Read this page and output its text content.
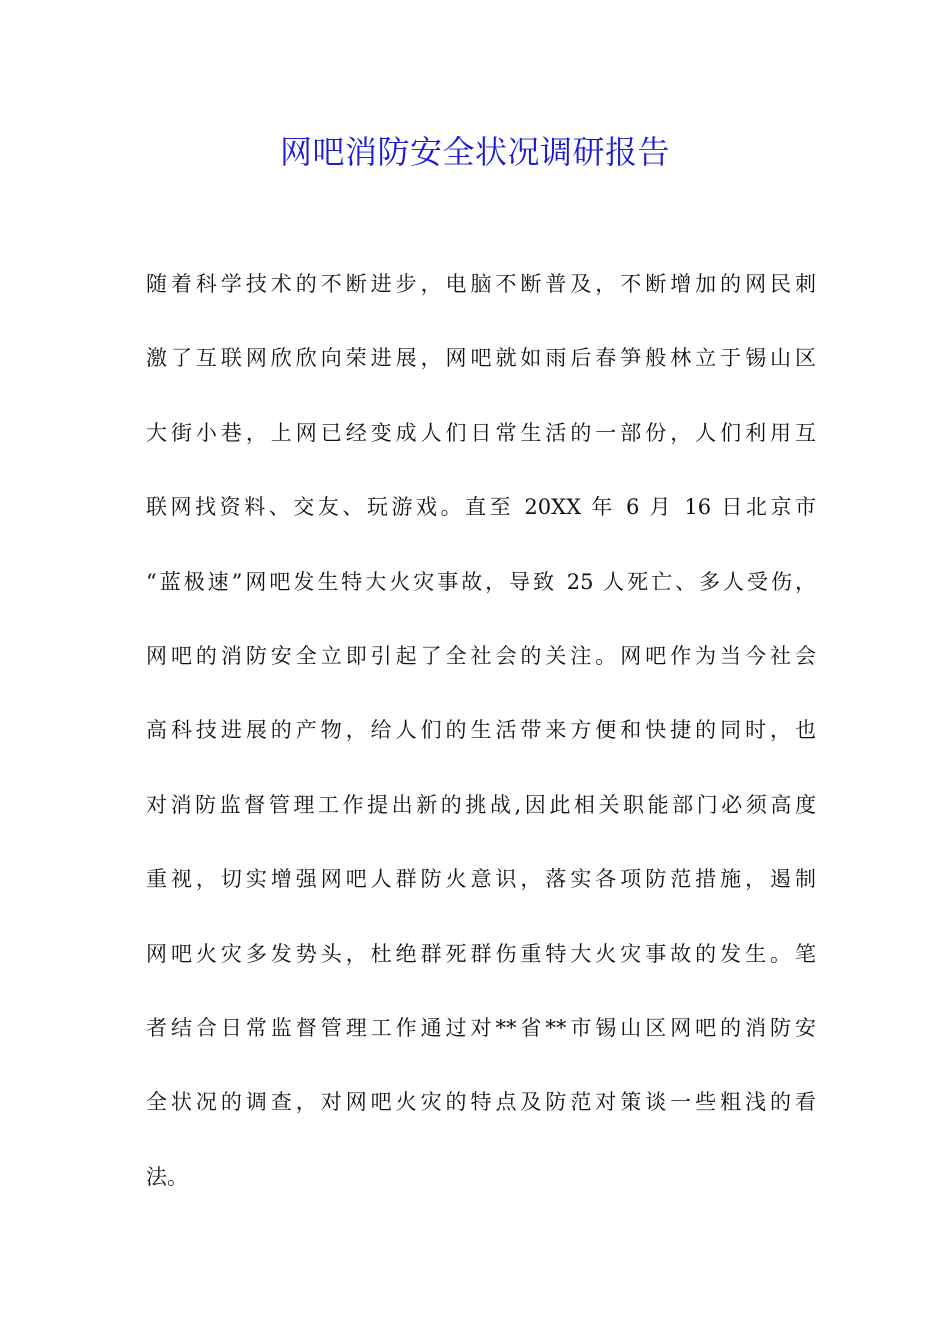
网吧消防安全状况调研报告
随着科学技术的不断进步，电脑不断普及，不断增加的网民刺
激了互联网欣欣向荣进展，网吧就如雨后春笋般林立于锡山区
大街小巷，上网已经变成人们日常生活的一部份，人们利用互
联网找资料、交友、玩游戏。直至 20XX 年 6 月 16 日北京市
“蓝极速”网吧发生特大火灾事故，导致 25 人死亡、多人受伤，
网吧的消防安全立即引起了全社会的关注。网吧作为当今社会
高科技进展的产物，给人们的生活带来方便和快捷的同时，也
对消防监督管理工作提出新的挑战,因此相关职能部门必须高度
重视，切实增强网吧人群防火意识，落实各项防范措施，遏制
网吧火灾多发势头，杜绝群死群伤重特大火灾事故的发生。笔
者结合日常监督管理工作通过对**省**市锡山区网吧的消防安
全状况的调查，对网吧火灾的特点及防范对策谈一些粗浅的看
法。
